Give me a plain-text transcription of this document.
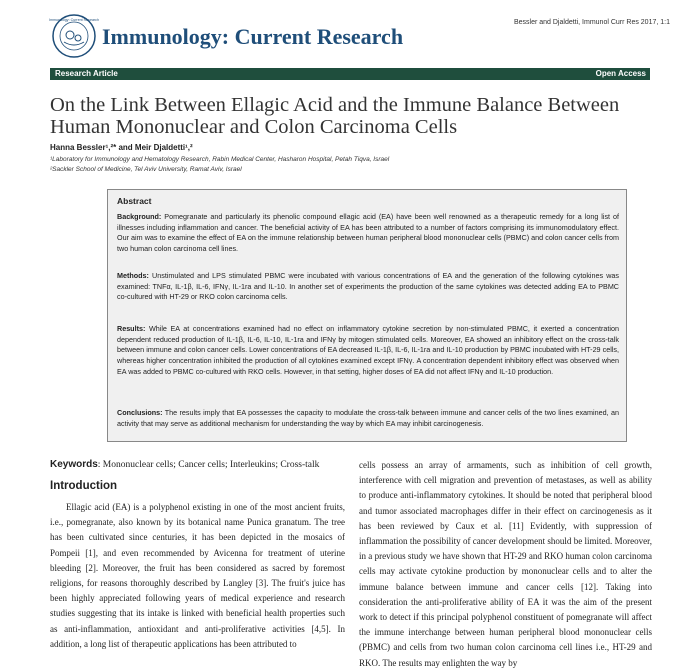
Immunology: Current Research
Immunology: Current Research
Bessler and Djaldetti, Immunol Curr Res 2017, 1:1
Research Article	Open Access
On the Link Between Ellagic Acid and the Immune Balance Between Human Mononuclear and Colon Carcinoma Cells
Hanna Bessler¹,²* and Meir Djaldetti¹,²
¹Laboratory for Immunology and Hematology Research, Rabin Medical Center, Hasharon Hospital, Petah Tiqva, Israel
²Sackler School of Medicine, Tel Aviv University, Ramat Aviv, Israel
Abstract
Background: Pomegranate and particularly its phenolic compound ellagic acid (EA) have been well renowned as a therapeutic remedy for a long list of illnesses including inflammation and cancer. The beneficial activity of EA has been attributed to a number of factors comprising its immunomodulatory effect. Our aim was to examine the effect of EA on the immune relationship between human peripheral blood mononuclear cells (PBMC) and colon cancer cells from two human colon carcinoma cell lines.
Methods: Unstimulated and LPS stimulated PBMC were incubated with various concentrations of EA and the generation of the following cytokines was examined: TNFα, IL-1β, IL-6, IFNγ, IL-1ra and IL-10. In another set of experiments the production of the same cytokines was detected adding EA to PBMC co-cultured with HT-29 or RKO colon carcinoma cells.
Results: While EA at concentrations examined had no effect on inflammatory cytokine secretion by non-stimulated PBMC, it exerted a concentration dependent reduced production of IL-1β, IL-6, IL-10, IL-1ra and IFNγ by mitogen stimulated cells. Moreover, EA showed an inhibitory effect on the cross-talk between immune and colon cancer cells. Lower concentrations of EA decreased IL-1β, IL-6, IL-1ra and IL-10 production by PBMC incubated with HT-29 cells, whereas higher concentration inhibited the production of all cytokines examined except IFNγ. A concentration dependent inhibitory effect was observed when EA was added to PBMC co-cultured with RKO cells. However, in that setting, higher doses of EA did not affect IFNγ and IL-10 production.
Conclusions: The results imply that EA possesses the capacity to modulate the cross-talk between immune and cancer cells of the two lines examined, an activity that may serve as additional mechanism for understanding the way by which EA may inhibit carcinogenesis.
Keywords: Mononuclear cells; Cancer cells; Interleukins; Cross-talk
Introduction
Ellagic acid (EA) is a polyphenol existing in one of the most ancient fruits, i.e., pomegranate, also known by its botanical name Punica granatum. The tree has been cultivated since centuries, it has been depicted in the mosaics of Pompeii [1], and even recommended by Avicenna for treatment of uterine bleeding [2]. Moreover, the fruit has been considered as sacred by foremost religions, for reasons thoroughly described by Langley [3]. The fruit's juice has been highly appreciated following years of medical experience and research studies suggesting that its intake is linked with beneficial health properties such as anti-inflammation, antioxidant and anti-proliferative activities [4,5]. In addition, a long list of therapeutic applications has been attributed to
cells possess an array of armaments, such as inhibition of cell growth, interference with cell migration and prevention of metastases, as well as ability to produce anti-inflammatory cytokines. It should be noted that peripheral blood and tumor associated macrophages differ in their effect on carcinogenesis as it has been reviewed by Caux et al. [11] Evidently, with suppression of inflammation the possibility of cancer development should be limited. Moreover, in a previous study we have shown that HT-29 and RKO human colon carcinoma cells may activate cytokine production by mononuclear cells and to alter the immune balance between immune and cancer cells [12]. Taking into consideration the anti-proliferative ability of EA it was the aim of the present work to detect if this principal polyphenol constituent of pomegranate will affect the immune interchange between human peripheral blood mononuclear cells (PBMC) and cells from two human colon carcinoma cell lines i.e., HT-29 and RKO. The results may enlighten the way by
